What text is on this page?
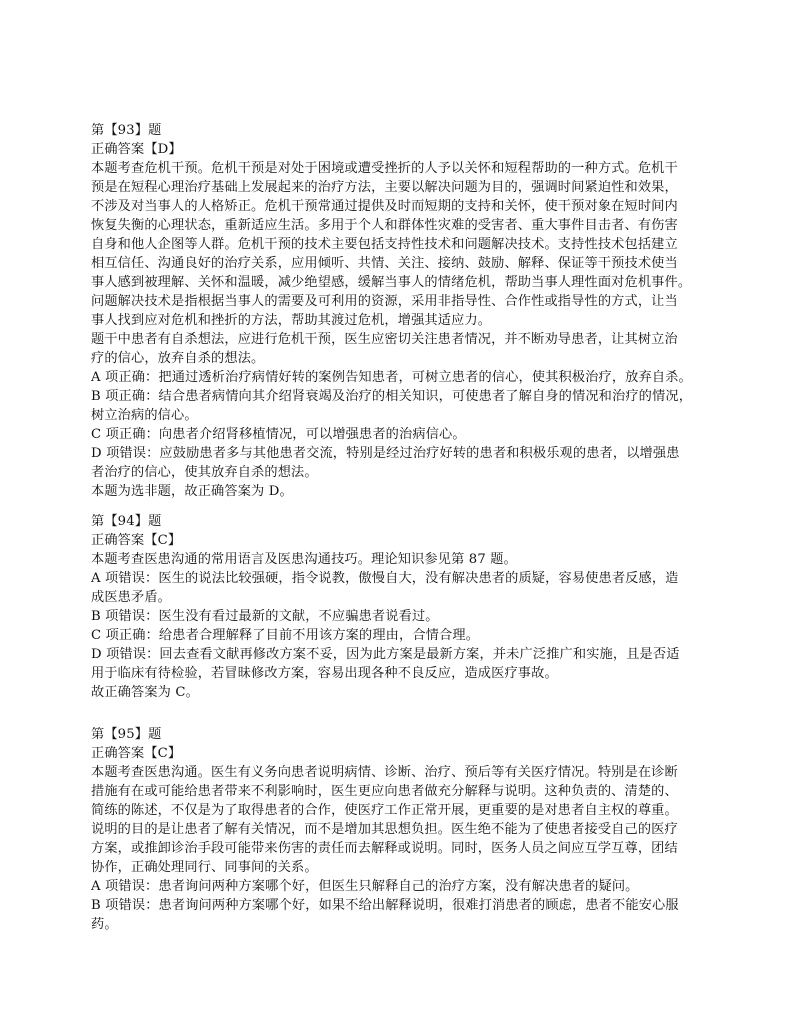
第【93】题
正确答案【D】
本题考查危机干预。危机干预是对处于困境或遭受挫折的人予以关怀和短程帮助的一种方式。危机干
预是在短程心理治疗基础上发展起来的治疗方法，主要以解决问题为目的，强调时间紧迫性和效果，
不涉及对当事人的人格矫正。危机干预常通过提供及时而短期的支持和关怀，使干预对象在短时间内
恢复失衡的心理状态，重新适应生活。多用于个人和群体性灾难的受害者、重大事件目击者、有伤害
自身和他人企图等人群。危机干预的技术主要包括支持性技术和问题解决技术。支持性技术包括建立
相互信任、沟通良好的治疗关系，应用倾听、共情、关注、接纳、鼓励、解释、保证等干预技术使当
事人感到被理解、关怀和温暖，减少绝望感，缓解当事人的情绪危机，帮助当事人理性面对危机事件。
问题解决技术是指根据当事人的需要及可利用的资源，采用非指导性、合作性或指导性的方式，让当
事人找到应对危机和挫折的方法，帮助其渡过危机，增强其适应力。
题干中患者有自杀想法，应进行危机干预，医生应密切关注患者情况，并不断劝导患者，让其树立治
疗的信心，放弃自杀的想法。
A 项正确：把通过透析治疗病情好转的案例告知患者，可树立患者的信心，使其积极治疗，放弃自杀。
B 项正确：结合患者病情向其介绍肾衰竭及治疗的相关知识，可使患者了解自身的情况和治疗的情况，
树立治病的信心。
C 项正确：向患者介绍肾移植情况，可以增强患者的治病信心。
D 项错误：应鼓励患者多与其他患者交流，特别是经过治疗好转的患者和积极乐观的患者，以增强患
者治疗的信心，使其放弃自杀的想法。
本题为选非题，故正确答案为 D。
第【94】题
正确答案【C】
本题考查医患沟通的常用语言及医患沟通技巧。理论知识参见第 87 题。
A 项错误：医生的说法比较强硬，指令说教，傲慢自大，没有解决患者的质疑，容易使患者反感，造
成医患矛盾。
B 项错误：医生没有看过最新的文献，不应骗患者说看过。
C 项正确：给患者合理解释了目前不用该方案的理由，合情合理。
D 项错误：回去查看文献再修改方案不妥，因为此方案是最新方案，并未广泛推广和实施，且是否适
用于临床有待检验，若冒昧修改方案，容易出现各种不良反应，造成医疗事故。
故正确答案为 C。
第【95】题
正确答案【C】
本题考查医患沟通。医生有义务向患者说明病情、诊断、治疗、预后等有关医疗情况。特别是在诊断
措施有在或可能给患者带来不利影响时，医生更应向患者做充分解释与说明。这种负责的、清楚的、
简练的陈述，不仅是为了取得患者的合作，使医疗工作正常开展，更重要的是对患者自主权的尊重。
说明的目的是让患者了解有关情况，而不是增加其思想负担。医生绝不能为了使患者接受自己的医疗
方案，或推卸诊治手段可能带来伤害的责任而去解释或说明。同时，医务人员之间应互学互尊，团结
协作，正确处理同行、同事间的关系。
A 项错误：患者询问两种方案哪个好，但医生只解释自己的治疗方案，没有解决患者的疑问。
B 项错误：患者询问两种方案哪个好，如果不给出解释说明，很难打消患者的顾虑，患者不能安心服
药。
